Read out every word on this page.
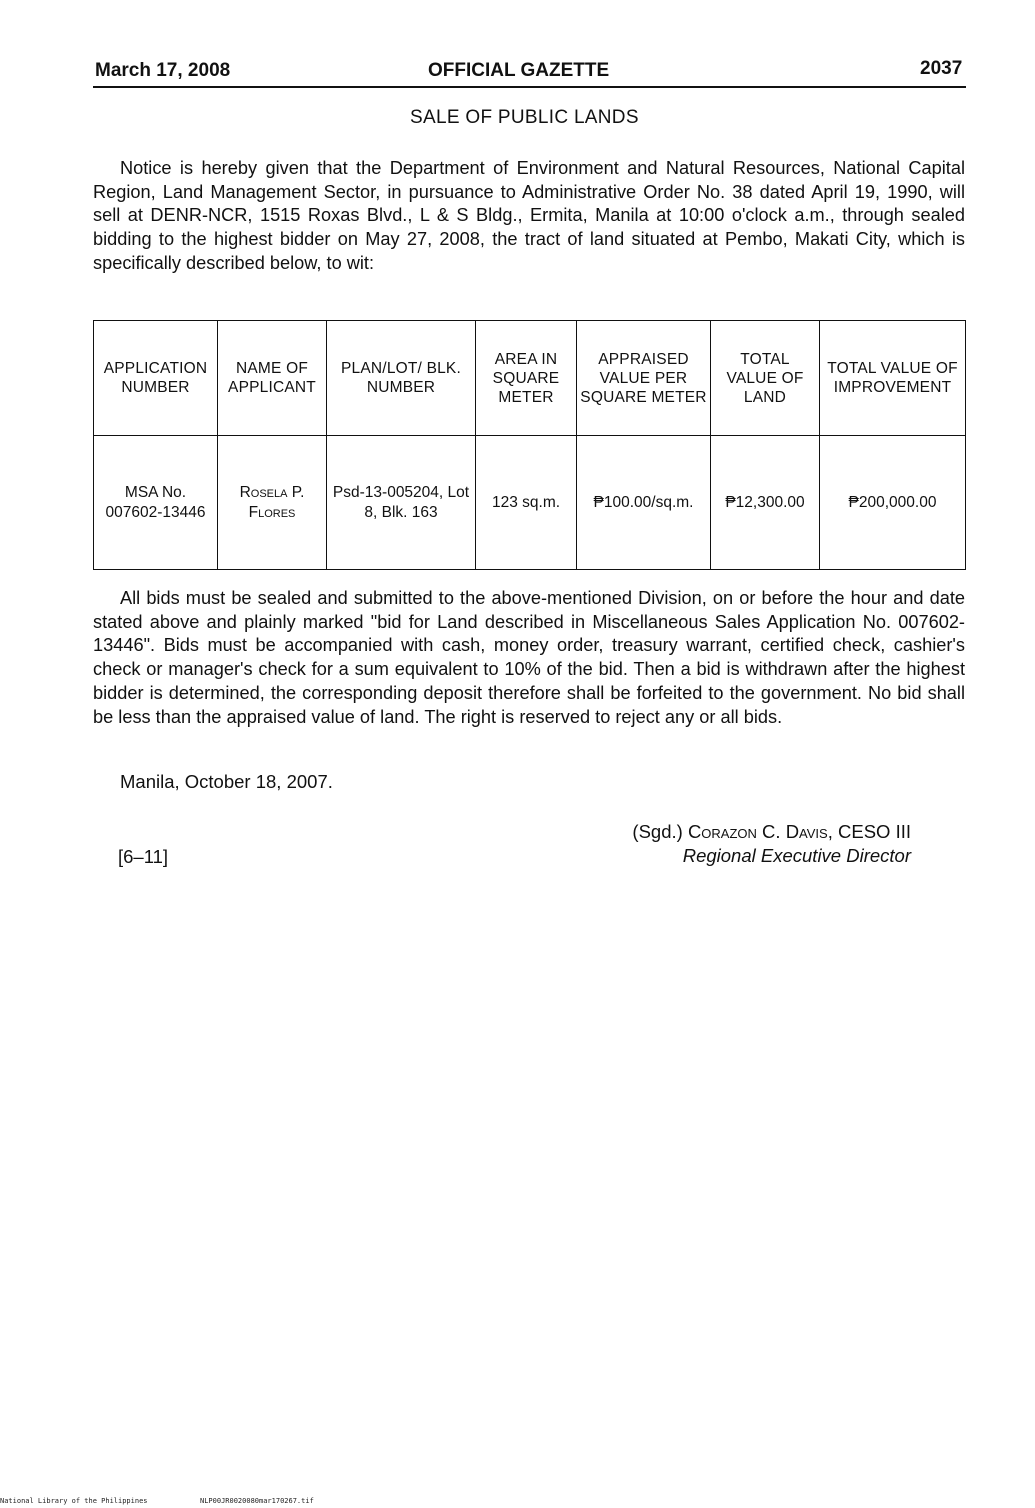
March 17, 2008	OFFICIAL GAZETTE	2037
SALE OF PUBLIC LANDS
Notice is hereby given that the Department of Environment and Natural Resources, National Capital Region, Land Management Sector, in pursuance to Administrative Order No. 38 dated April 19, 1990, will sell at DENR-NCR, 1515 Roxas Blvd., L & S Bldg., Ermita, Manila at 10:00 o'clock a.m., through sealed bidding to the highest bidder on May 27, 2008, the tract of land situated at Pembo, Makati City, which is specifically described below, to wit:
APPLICATION NUMBER	NAME OF APPLICANT	PLAN/LOT/ BLK. NUMBER	AREA IN SQUARE METER	APPRAISED VALUE PER SQUARE METER	TOTAL VALUE OF LAND	TOTAL VALUE OF IMPROVEMENT
MSA No. 007602-13446	Rosela P. Flores	Psd-13-005204, Lot 8, Blk. 163	123 sq.m.	₱100.00/sq.m.	₱12,300.00	₱200,000.00
All bids must be sealed and submitted to the above-mentioned Division, on or before the hour and date stated above and plainly marked "bid for Land described in Miscellaneous Sales Application No. 007602-13446". Bids must be accompanied with cash, money order, treasury warrant, certified check, cashier's check or manager's check for a sum equivalent to 10% of the bid. Then a bid is withdrawn after the highest bidder is determined, the corresponding deposit therefore shall be forfeited to the government. No bid shall be less than the appraised value of land. The right is reserved to reject any or all bids.
Manila, October 18, 2007.
(Sgd.) Corazon C. Davis, CESO III
Regional Executive Director
[6–11]
National Library of the Philippines	NLP00JR0020080mar170267.tif
